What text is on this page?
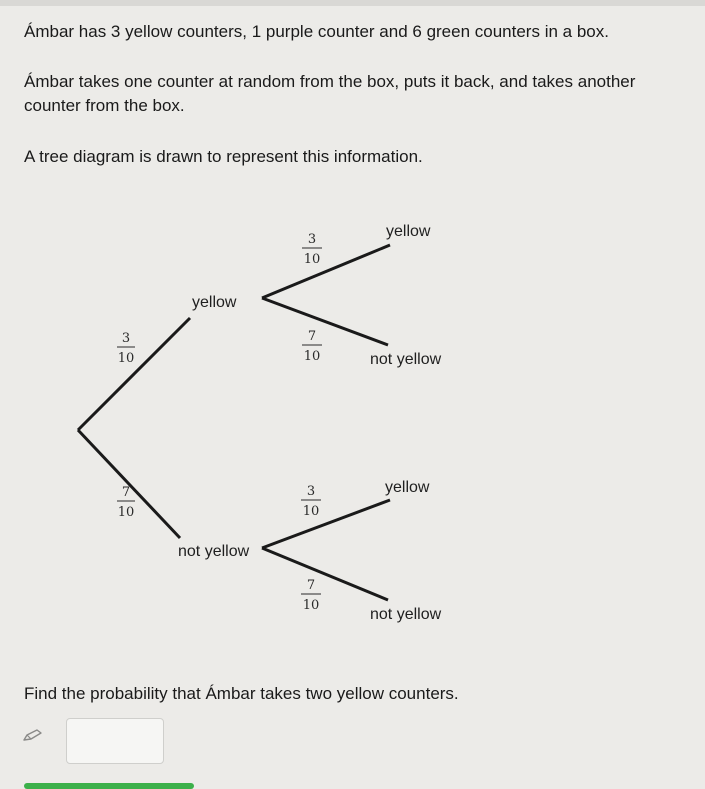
Ámbar has 3 yellow counters, 1 purple counter and 6 green counters in a box.

Ámbar takes one counter at random from the box, puts it back, and takes another counter from the box.

A tree diagram is drawn to represent this information.

yellow
not yellow
yellow
not yellow
yellow
not yellow
3
10
7
10
3
10
7
10
3
10
7
10

Find the probability that Ámbar takes two yellow counters.
